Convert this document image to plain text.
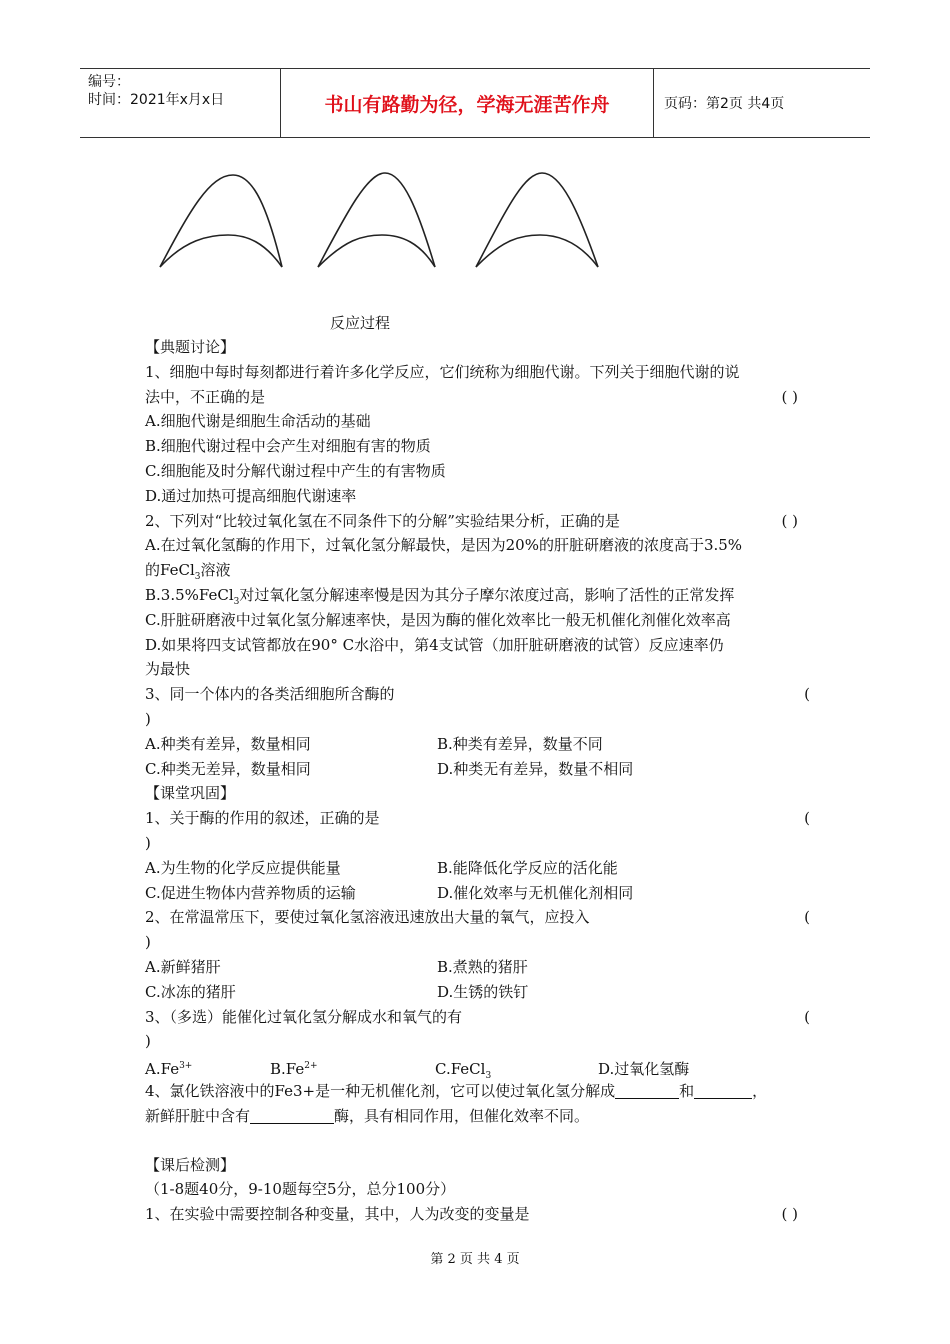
编号：
时间：2021年x月x日	书山有路勤为径，学海无涯苦作舟	页码：第2页 共4页
反应过程
【典题讨论】
1、细胞中每时每刻都进行着许多化学反应，它们统称为细胞代谢。下列关于细胞代谢的说
法中，不正确的是	( )
A.细胞代谢是细胞生命活动的基础
B.细胞代谢过程中会产生对细胞有害的物质
C.细胞能及时分解代谢过程中产生的有害物质
D.通过加热可提高细胞代谢速率
2、下列对“比较过氧化氢在不同条件下的分解”实验结果分析，正确的是	( )
A.在过氧化氢酶的作用下，过氧化氢分解最快，是因为20%的肝脏研磨液的浓度高于3.5%
的FeCl$_3$溶液
B.3.5%FeCl$_3$对过氧化氢分解速率慢是因为其分子摩尔浓度过高，影响了活性的正常发挥
C.肝脏研磨液中过氧化氢分解速率快，是因为酶的催化效率比一般无机催化剂催化效率高
D.如果将四支试管都放在90° C水浴中，第4支试管（加肝脏研磨液的试管）反应速率仍
为最快
3、同一个体内的各类活细胞所含酶的	(
)
A.种类有差异，数量相同	B.种类有差异，数量不同
C.种类无差异，数量相同	D.种类无有差异，数量不相同
【课堂巩固】
1、关于酶的作用的叙述，正确的是	(
)
A.为生物的化学反应提供能量	B.能降低化学反应的活化能
C.促进生物体内营养物质的运输	D.催化效率与无机催化剂相同
2、在常温常压下，要使过氧化氢溶液迅速放出大量的氧气，应投入	(
)
A.新鲜猪肝	B.煮熟的猪肝
C.冰冻的猪肝	D.生锈的铁钉
3、（多选）能催化过氧化氢分解成水和氧气的有	(
)
$A.Fe^{3+}$	$B.Fe^{2+}$	C.FeCl$_3$	D.过氧化氢酶
4、氯化铁溶液中的Fe3+是一种无机催化剂，它可以使过氧化氢分解成	和	，
新鲜肝脏中含有	酶，具有相同作用，但催化效率不同。
【课后检测】
（1-8题40分，9-10题每空5分，总分100分）
1、在实验中需要控制各种变量，其中，人为改变的变量是	( )
第 2 页 共 4 页
